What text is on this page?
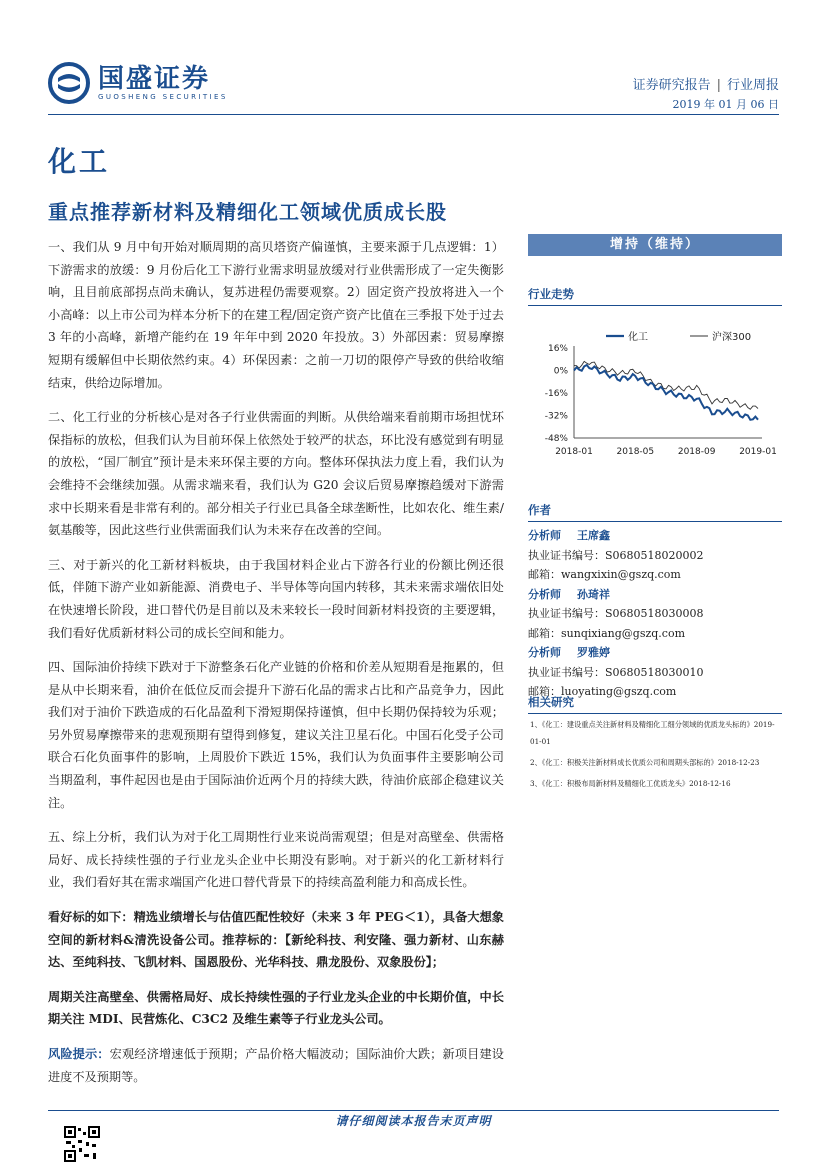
国盛证券
GUOSHENG SECURITIES
证券研究报告 | 行业周报
2019 年 01 月 06 日
化工
重点推荐新材料及精细化工领域优质成长股

一、我们从 9 月中旬开始对顺周期的高贝塔资产偏谨慎，主要来源于几点逻辑：1）下游需求的放缓：9 月份后化工下游行业需求明显放缓对行业供需形成了一定失衡影响，且目前底部拐点尚未确认，复苏进程仍需要观察。2）固定资产投放将进入一个小高峰：以上市公司为样本分析下的在建工程/固定资产资产比值在三季报下处于过去 3 年的小高峰，新增产能约在 19 年年中到 2020 年投放。3）外部因素：贸易摩擦短期有缓解但中长期依然约束。4）环保因素：之前一刀切的限停产导致的供给收缩结束，供给边际增加。

二、化工行业的分析核心是对各子行业供需面的判断。从供给端来看前期市场担忧环保指标的放松，但我们认为目前环保上依然处于较严的状态，环比没有感觉到有明显的放松，“国厂制宜”预计是未来环保主要的方向。整体环保执法力度上看，我们认为会维持不会继续加强。从需求端来看，我们认为 G20 会议后贸易摩擦趋缓对下游需求中长期来看是非常有利的。部分相关子行业已具备全球垄断性，比如农化、维生素/氨基酸等，因此这些行业供需面我们认为未来存在改善的空间。

三、对于新兴的化工新材料板块，由于我国材料企业占下游各行业的份额比例还很低，伴随下游产业如新能源、消费电子、半导体等向国内转移，其未来需求端依旧处在快速增长阶段，进口替代仍是目前以及未来较长一段时间新材料投资的主要逻辑，我们看好优质新材料公司的成长空间和能力。

四、国际油价持续下跌对于下游整条石化产业链的价格和价差从短期看是拖累的，但是从中长期来看，油价在低位反而会提升下游石化品的需求占比和产品竞争力，因此我们对于油价下跌造成的石化品盈利下滑短期保持谨慎，但中长期仍保持较为乐观；另外贸易摩擦带来的悲观预期有望得到修复，建议关注卫星石化。中国石化受子公司联合石化负面事件的影响，上周股价下跌近 15%，我们认为负面事件主要影响公司当期盈利，事件起因也是由于国际油价近两个月的持续大跌，待油价底部企稳建议关注。

五、综上分析，我们认为对于化工周期性行业来说尚需观望；但是对高壁垒、供需格局好、成长持续性强的子行业龙头企业中长期没有影响。对于新兴的化工新材料行业，我们看好其在需求端国产化进口替代背景下的持续高盈利能力和高成长性。

看好标的如下：精选业绩增长与估值匹配性较好（未来 3 年 PEG＜1），具备大想象空间的新材料&清洗设备公司。推荐标的：【新纶科技、利安隆、强力新材、山东赫达、至纯科技、飞凯材料、国恩股份、光华科技、鼎龙股份、双象股份】；

周期关注高壁垒、供需格局好、成长持续性强的子行业龙头企业的中长期价值，中长期关注 MDI、民营炼化、C3C2 及维生素等子行业龙头公司。

风险提示：宏观经济增速低于预期；产品价格大幅波动；国际油价大跌；新项目建设进度不及预期等。

增持（维持）
行业走势
化工	沪深300
16%
0%
-16%
-32%
-48%
2018-01	2018-05	2018-09	2019-01
作者
分析师 王席鑫
执业证书编号：S0680518020002
邮箱：wangxixin@gszq.com
分析师 孙琦祥
执业证书编号：S0680518030008
邮箱：sunqixiang@gszq.com
分析师 罗雅婷
执业证书编号：S0680518030010
邮箱：luoyating@gszq.com
相关研究
1、《化工：建设重点关注新材料及精细化工细分领域的优质龙头标的》2019-01-01
2、《化工：积极关注新材料成长优质公司和周期头部标的》2018-12-23
3、《化工：积极布局新材料及精细化工优质龙头》2018-12-16
请仔细阅读本报告末页声明
